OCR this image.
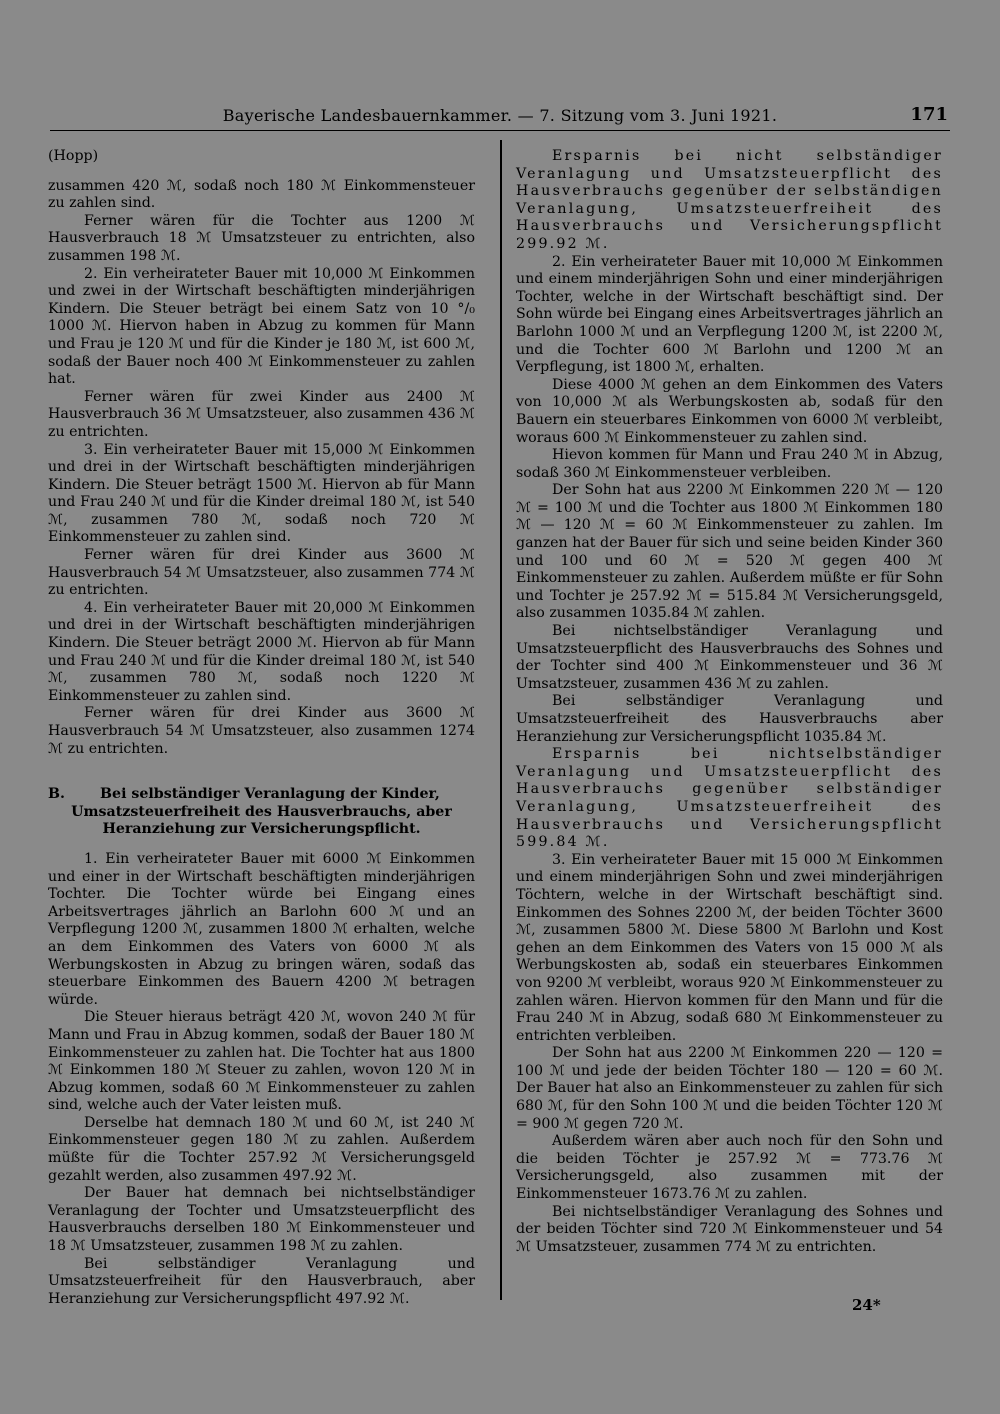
Bayerische Landesbauernkammer. — 7. Sitzung vom 3. Juni 1921.	171

(Hopp)

zusammen 420 ℳ, sodaß noch 180 ℳ Einkommensteuer zu zahlen sind.

Ferner wären für die Tochter aus 1200 ℳ Hausverbrauch 18 ℳ Umsatzsteuer zu entrichten, also zusammen 198 ℳ.

2. Ein verheirateter Bauer mit 10,000 ℳ Einkommen und zwei in der Wirtschaft beschäftigten minderjährigen Kindern. Die Steuer beträgt bei einem Satz von 10 °/₀ 1000 ℳ. Hiervon haben in Abzug zu kommen für Mann und Frau je 120 ℳ und für die Kinder je 180 ℳ, ist 600 ℳ, sodaß der Bauer noch 400 ℳ Einkommensteuer zu zahlen hat.

Ferner wären für zwei Kinder aus 2400 ℳ Hausverbrauch 36 ℳ Umsatzsteuer, also zusammen 436 ℳ zu entrichten.

3. Ein verheirateter Bauer mit 15,000 ℳ Einkommen und drei in der Wirtschaft beschäftigten minderjährigen Kindern. Die Steuer beträgt 1500 ℳ. Hiervon ab für Mann und Frau 240 ℳ und für die Kinder dreimal 180 ℳ, ist 540 ℳ, zusammen 780 ℳ, sodaß noch 720 ℳ Einkommensteuer zu zahlen sind.

Ferner wären für drei Kinder aus 3600 ℳ Hausverbrauch 54 ℳ Umsatzsteuer, also zusammen 774 ℳ zu entrichten.

4. Ein verheirateter Bauer mit 20,000 ℳ Einkommen und drei in der Wirtschaft beschäftigten minderjährigen Kindern. Die Steuer beträgt 2000 ℳ. Hiervon ab für Mann und Frau 240 ℳ und für die Kinder dreimal 180 ℳ, ist 540 ℳ, zusammen 780 ℳ, sodaß noch 1220 ℳ Einkommensteuer zu zahlen sind.

Ferner wären für drei Kinder aus 3600 ℳ Hausverbrauch 54 ℳ Umsatzsteuer, also zusammen 1274 ℳ zu entrichten.

B. Bei selbständiger Veranlagung der Kinder, Umsatzsteuerfreiheit des Hausverbrauchs, aber Heranziehung zur Versicherungspflicht.

1. Ein verheirateter Bauer mit 6000 ℳ Einkommen und einer in der Wirtschaft beschäftigten minderjährigen Tochter. Die Tochter würde bei Eingang eines Arbeitsvertrages jährlich an Barlohn 600 ℳ und an Verpflegung 1200 ℳ, zusammen 1800 ℳ erhalten, welche an dem Einkommen des Vaters von 6000 ℳ als Werbungskosten in Abzug zu bringen wären, sodaß das steuerbare Einkommen des Bauern 4200 ℳ betragen würde.

Die Steuer hieraus beträgt 420 ℳ, wovon 240 ℳ für Mann und Frau in Abzug kommen, sodaß der Bauer 180 ℳ Einkommensteuer zu zahlen hat. Die Tochter hat aus 1800 ℳ Einkommen 180 ℳ Steuer zu zahlen, wovon 120 ℳ in Abzug kommen, sodaß 60 ℳ Einkommensteuer zu zahlen sind, welche auch der Vater leisten muß.

Derselbe hat demnach 180 ℳ und 60 ℳ, ist 240 ℳ Einkommensteuer gegen 180 ℳ zu zahlen. Außerdem müßte für die Tochter 257.92 ℳ Versicherungsgeld gezahlt werden, also zusammen 497.92 ℳ.

Der Bauer hat demnach bei nichtselbständiger Veranlagung der Tochter und Umsatzsteuerpflicht des Hausverbrauchs derselben 180 ℳ Einkommensteuer und 18 ℳ Umsatzsteuer, zusammen 198 ℳ zu zahlen.

Bei selbständiger Veranlagung und Umsatzsteuerfreiheit für den Hausverbrauch, aber Heranziehung zur Versicherungspflicht 497.92 ℳ.

Ersparnis bei nicht selbständiger Veranlagung und Umsatzsteuerpflicht des Hausverbrauchs gegenüber der selbständigen Veranlagung, Umsatzsteuerfreiheit des Hausverbrauchs und Versicherungspflicht 299.92 ℳ.

2. Ein verheirateter Bauer mit 10,000 ℳ Einkommen und einem minderjährigen Sohn und einer minderjährigen Tochter, welche in der Wirtschaft beschäftigt sind. Der Sohn würde bei Eingang eines Arbeitsvertrages jährlich an Barlohn 1000 ℳ und an Verpflegung 1200 ℳ, ist 2200 ℳ, und die Tochter 600 ℳ Barlohn und 1200 ℳ an Verpflegung, ist 1800 ℳ, erhalten.

Diese 4000 ℳ gehen an dem Einkommen des Vaters von 10,000 ℳ als Werbungskosten ab, sodaß für den Bauern ein steuerbares Einkommen von 6000 ℳ verbleibt, woraus 600 ℳ Einkommensteuer zu zahlen sind.

Hievon kommen für Mann und Frau 240 ℳ in Abzug, sodaß 360 ℳ Einkommensteuer verbleiben.

Der Sohn hat aus 2200 ℳ Einkommen 220 ℳ — 120 ℳ = 100 ℳ und die Tochter aus 1800 ℳ Einkommen 180 ℳ — 120 ℳ = 60 ℳ Einkommensteuer zu zahlen. Im ganzen hat der Bauer für sich und seine beiden Kinder 360 und 100 und 60 ℳ = 520 ℳ gegen 400 ℳ Einkommensteuer zu zahlen. Außerdem müßte er für Sohn und Tochter je 257.92 ℳ = 515.84 ℳ Versicherungsgeld, also zusammen 1035.84 ℳ zahlen.

Bei nichtselbständiger Veranlagung und Umsatzsteuerpflicht des Hausverbrauchs des Sohnes und der Tochter sind 400 ℳ Einkommensteuer und 36 ℳ Umsatzsteuer, zusammen 436 ℳ zu zahlen.

Bei selbständiger Veranlagung und Umsatzsteuerfreiheit des Hausverbrauchs aber Heranziehung zur Versicherungspflicht 1035.84 ℳ.

Ersparnis bei nichtselbständiger Veranlagung und Umsatzsteuerpflicht des Hausverbrauchs gegenüber selbständiger Veranlagung, Umsatzsteuerfreiheit des Hausverbrauchs und Versicherungspflicht 599.84 ℳ.

3. Ein verheirateter Bauer mit 15 000 ℳ Einkommen und einem minderjährigen Sohn und zwei minderjährigen Töchtern, welche in der Wirtschaft beschäftigt sind. Einkommen des Sohnes 2200 ℳ, der beiden Töchter 3600 ℳ, zusammen 5800 ℳ. Diese 5800 ℳ Barlohn und Kost gehen an dem Einkommen des Vaters von 15 000 ℳ als Werbungskosten ab, sodaß ein steuerbares Einkommen von 9200 ℳ verbleibt, woraus 920 ℳ Einkommensteuer zu zahlen wären. Hiervon kommen für den Mann und für die Frau 240 ℳ in Abzug, sodaß 680 ℳ Einkommensteuer zu entrichten verbleiben.

Der Sohn hat aus 2200 ℳ Einkommen 220 — 120 = 100 ℳ und jede der beiden Töchter 180 — 120 = 60 ℳ. Der Bauer hat also an Einkommensteuer zu zahlen für sich 680 ℳ, für den Sohn 100 ℳ und die beiden Töchter 120 ℳ = 900 ℳ gegen 720 ℳ.

Außerdem wären aber auch noch für den Sohn und die beiden Töchter je 257.92 ℳ = 773.76 ℳ Versicherungsgeld, also zusammen mit der Einkommensteuer 1673.76 ℳ zu zahlen.

Bei nichtselbständiger Veranlagung des Sohnes und der beiden Töchter sind 720 ℳ Einkommensteuer und 54 ℳ Umsatzsteuer, zusammen 774 ℳ zu entrichten.

24*
